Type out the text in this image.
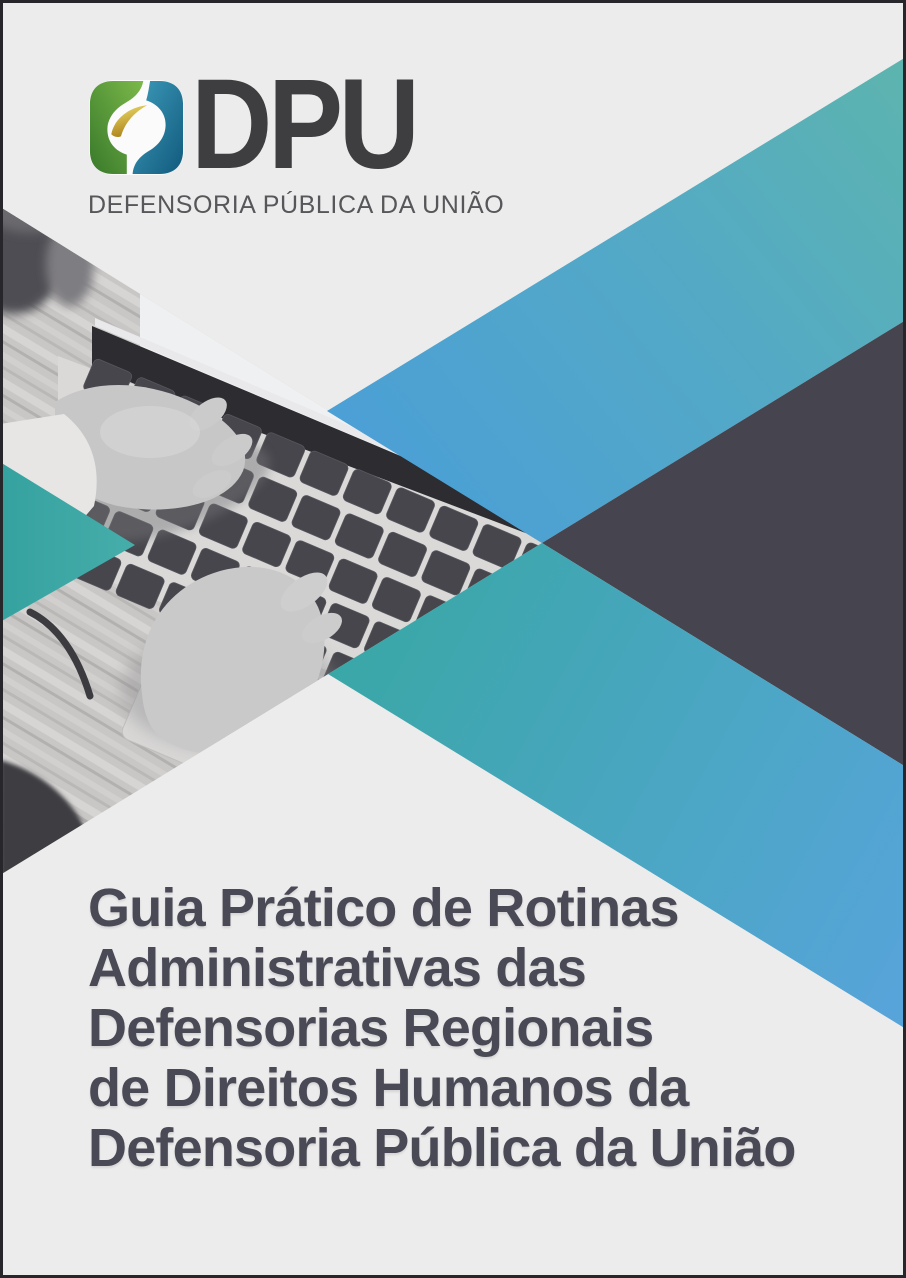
DPU
DEFENSORIA PÚBLICA DA UNIÃO
Guia Prático de Rotinas
Administrativas das
Defensorias Regionais
de Direitos Humanos da
Defensoria Pública da União
